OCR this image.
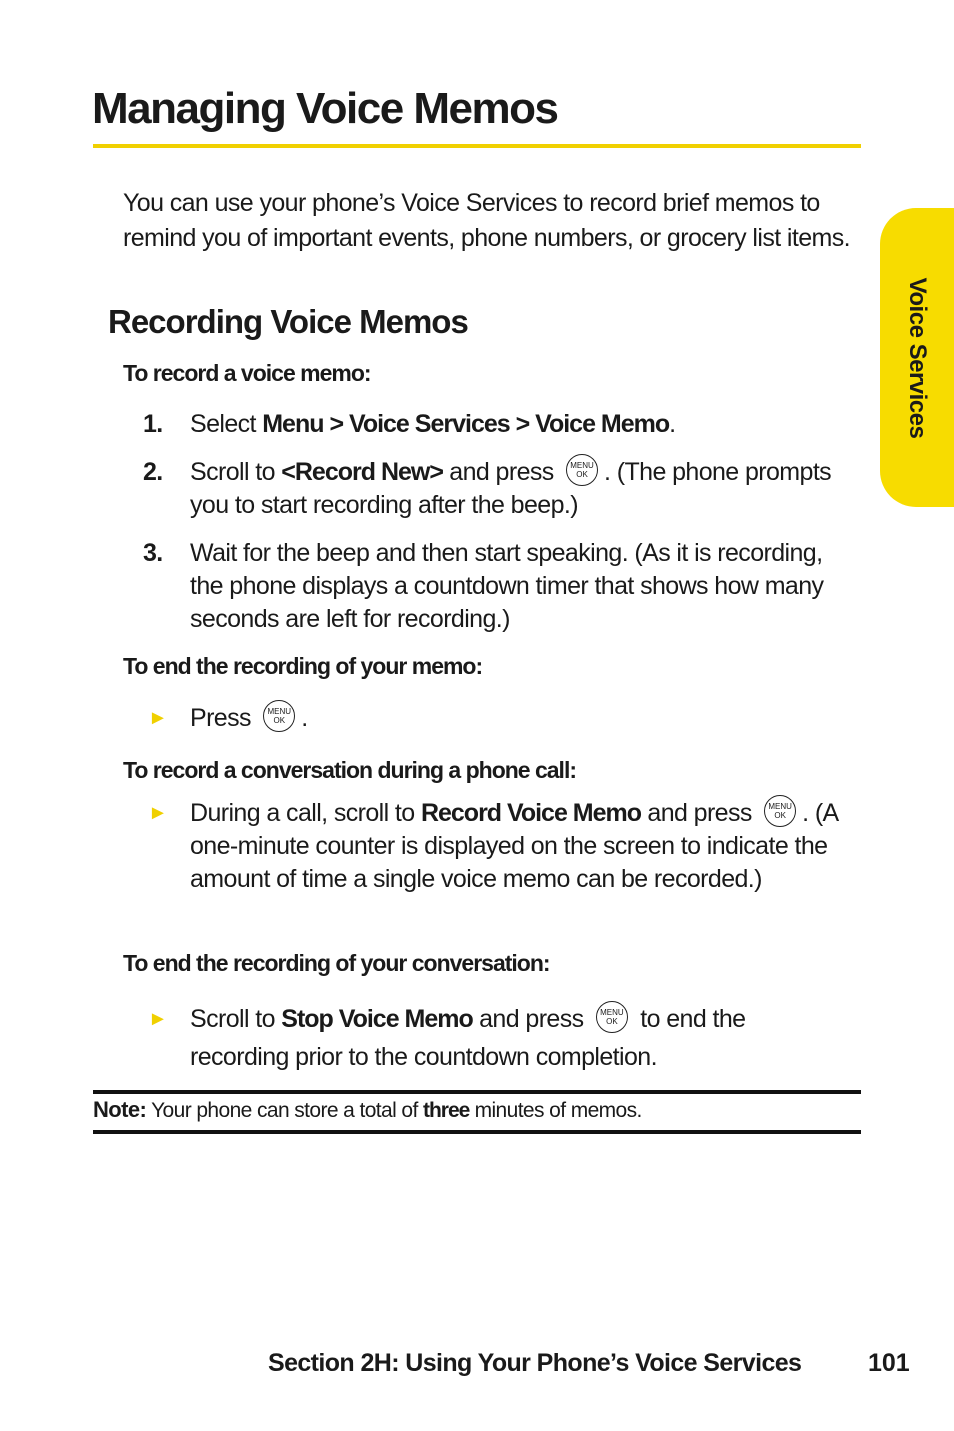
Managing Voice Memos

You can use your phone’s Voice Services to record brief memos to remind you of important events, phone numbers, or grocery list items.

Recording Voice Memos
To record a voice memo:
1. Select Menu > Voice Services > Voice Memo.
2. Scroll to <Record New> and press	MENU
OK . (The phone prompts you to start recording after the beep.)
3. Wait for the beep and then start speaking. (As it is recording, the phone displays a countdown timer that shows how many seconds are left for recording.)
To end the recording of your memo:
► Press	MENU
OK .
To record a conversation during a phone call:
► During a call, scroll to Record Voice Memo and press	MENU
OK . (A one-minute counter is displayed on the screen to indicate the amount of time a single voice memo can be recorded.)
To end the recording of your conversation:
► Scroll to Stop Voice Memo and press	MENU
OK to end the recording prior to the countdown completion.
Note: Your phone can store a total of three minutes of memos.
Voice Services
Section 2H: Using Your Phone’s Voice Services	101
